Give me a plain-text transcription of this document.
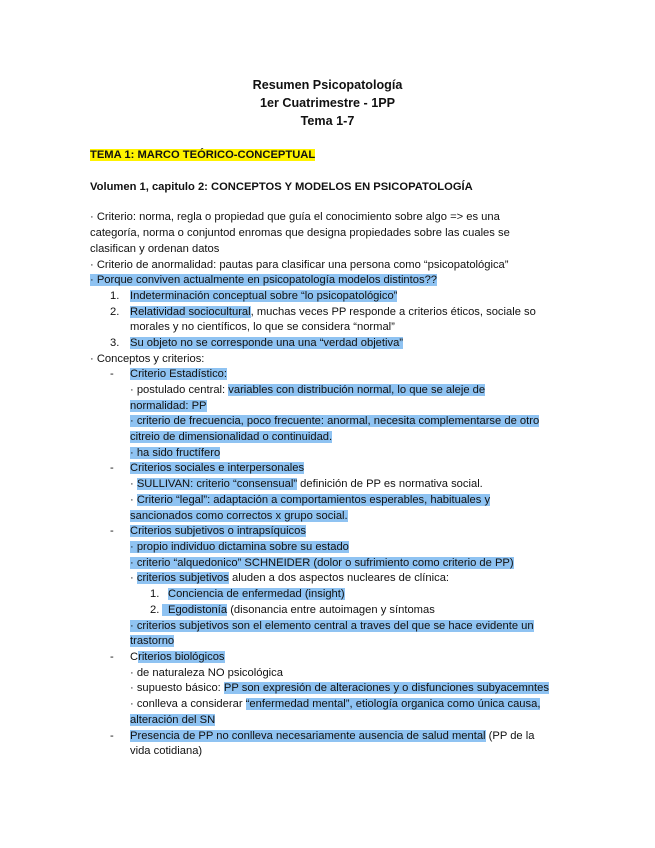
Resumen Psicopatología
1er Cuatrimestre - 1PP
Tema 1-7
TEMA 1: MARCO TEÓRICO-CONCEPTUAL
Volumen 1, capitulo 2: CONCEPTOS Y MODELOS EN PSICOPATOLOGÍA
· Criterio: norma, regla o propiedad que guía el conocimiento sobre algo => es una
categoría, norma o conjuntod enromas que designa propiedades sobre las cuales se
clasifican y ordenan datos
· Criterio de anormalidad: pautas para clasificar una persona como “psicopatológica”
· Porque conviven actualmente en psicopatología modelos distintos??
1. Indeterminación conceptual sobre “lo psicopatológico”
2. Relatividad sociocultural, muchas veces PP responde a criterios éticos, sociale so
morales y no científicos, lo que se considera “normal”
3. Su objeto no se corresponde una una “verdad objetiva”
· Conceptos y criterios:
- Criterio Estadístico:
· postulado central: variables con distribución normal, lo que se aleje de
normalidad: PP
· criterio de frecuencia, poco frecuente: anormal, necesita complementarse de otro
citreio de dimensionalidad o continuidad.
· ha sido fructífero
- Criterios sociales e interpersonales
· SULLIVAN: criterio “consensual” definición de PP es normativa social.
· Criterio “legal”: adaptación a comportamientos esperables, habituales y
sancionados como correctos x grupo social.
- Criterios subjetivos o intrapsíquicos
· propio individuo dictamina sobre su estado
· criterio “alquedonico” SCHNEIDER (dolor o sufrimiento como criterio de PP)
· criterios subjetivos aluden a dos aspectos nucleares de clínica:
1. Conciencia de enfermedad (insight)
2. Egodistonía (disonancia entre autoimagen y síntomas
· criterios subjetivos son el elemento central a traves del que se hace evidente un
trastorno
- Criterios biológicos
· de naturaleza NO psicológica
· supuesto básico: PP son expresión de alteraciones y o disfunciones subyacemntes
· conlleva a considerar “enfermedad mental”, etiología organica como única causa,
alteración del SN
- Presencia de PP no conlleva necesariamente ausencia de salud mental (PP de la
vida cotidiana)
